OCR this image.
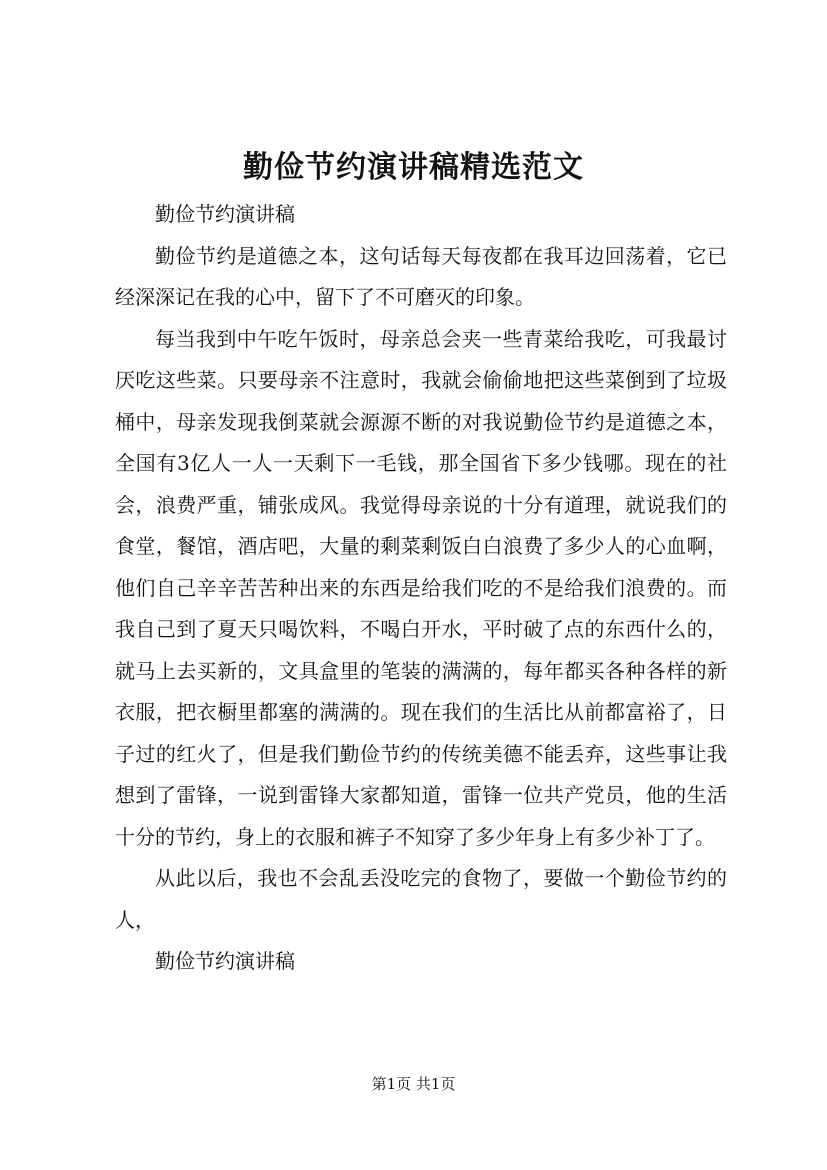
勤俭节约演讲稿精选范文

勤俭节约演讲稿

勤俭节约是道德之本，这句话每天每夜都在我耳边回荡着，它已经深深记在我的心中，留下了不可磨灭的印象。

每当我到中午吃午饭时，母亲总会夹一些青菜给我吃，可我最讨厌吃这些菜。只要母亲不注意时，我就会偷偷地把这些菜倒到了垃圾桶中，母亲发现我倒菜就会源源不断的对我说勤俭节约是道德之本，全国有3亿人一人一天剩下一毛钱，那全国省下多少钱哪。现在的社会，浪费严重，铺张成风。我觉得母亲说的十分有道理，就说我们的食堂，餐馆，酒店吧，大量的剩菜剩饭白白浪费了多少人的心血啊，他们自己辛辛苦苦种出来的东西是给我们吃的不是给我们浪费的。而我自己到了夏天只喝饮料，不喝白开水，平时破了点的东西什么的，就马上去买新的，文具盒里的笔装的满满的，每年都买各种各样的新衣服，把衣橱里都塞的满满的。现在我们的生活比从前都富裕了，日子过的红火了，但是我们勤俭节约的传统美德不能丢弃，这些事让我想到了雷锋，一说到雷锋大家都知道，雷锋一位共产党员，他的生活十分的节约，身上的衣服和裤子不知穿了多少年身上有多少补丁了。

从此以后，我也不会乱丢没吃完的食物了，要做一个勤俭节约的人，

勤俭节约演讲稿

第1页 共1页
